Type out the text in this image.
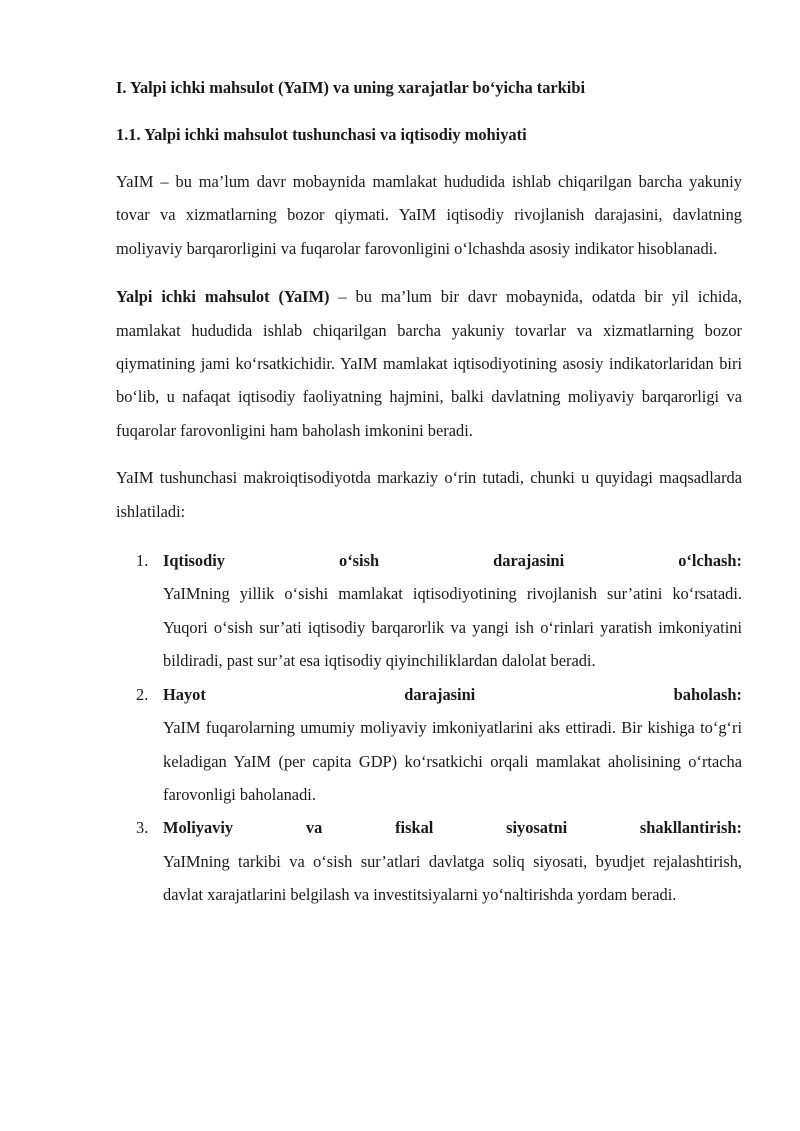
I. Yalpi ichki mahsulot (YaIM) va uning xarajatlar bo‘yicha tarkibi
1.1. Yalpi ichki mahsulot tushunchasi va iqtisodiy mohiyati

YaIM – bu ma’lum davr mobaynida mamlakat hududida ishlab chiqarilgan barcha yakuniy tovar va xizmatlarning bozor qiymati. YaIM iqtisodiy rivojlanish darajasini, davlatning moliyaviy barqarorligini va fuqarolar farovonligini o‘lchashda asosiy indikator hisoblanadi.

Yalpi ichki mahsulot (YaIM) – bu ma’lum bir davr mobaynida, odatda bir yil ichida, mamlakat hududida ishlab chiqarilgan barcha yakuniy tovarlar va xizmatlarning bozor qiymatining jami ko‘rsatkichidir. YaIM mamlakat iqtisodiyotining asosiy indikatorlaridan biri bo‘lib, u nafaqat iqtisodiy faoliyatning hajmini, balki davlatning moliyaviy barqarorligi va fuqarolar farovonligini ham baholash imkonini beradi.

YaIM tushunchasi makroiqtisodiyotda markaziy o‘rin tutadi, chunki u quyidagi maqsadlarda ishlatiladi:

1. Iqtisodiy	o‘sish	darajasini	o‘lchash:
YaIMning yillik o‘sishi mamlakat iqtisodiyotining rivojlanish sur’atini ko‘rsatadi. Yuqori o‘sish sur’ati iqtisodiy barqarorlik va yangi ish o‘rinlari yaratish imkoniyatini bildiradi, past sur’at esa iqtisodiy qiyinchiliklardan dalolat beradi.
2. Hayot	darajasini	baholash:
YaIM fuqarolarning umumiy moliyaviy imkoniyatlarini aks ettiradi. Bir kishiga to‘g‘ri keladigan YaIM (per capita GDP) ko‘rsatkichi orqali mamlakat aholisining o‘rtacha farovonligi baholanadi.
3. Moliyaviy	va	fiskal	siyosatni	shakllantirish:
YaIMning tarkibi va o‘sish sur’atlari davlatga soliq siyosati, byudjet rejalashtirish, davlat xarajatlarini belgilash va investitsiyalarni yo‘naltirishda yordam beradi.
